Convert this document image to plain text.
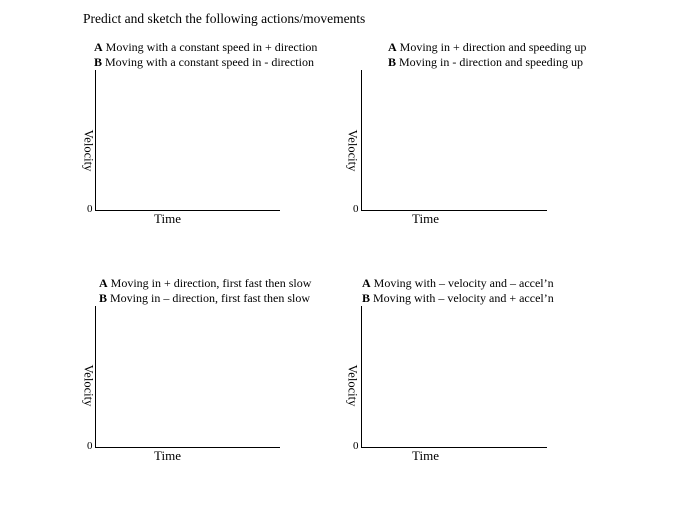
Predict and sketch the following actions/movements
A Moving with a constant speed in + direction
B Moving with a constant speed in - direction
Velocity
0
Time
A Moving in + direction and speeding up
B Moving in - direction and speeding up
Velocity
0
Time
A Moving in + direction, first fast then slow
B Moving in – direction, first fast then slow
Velocity
0
Time
A Moving with – velocity and – accel’n
B Moving with – velocity and + accel’n
Velocity
0
Time
